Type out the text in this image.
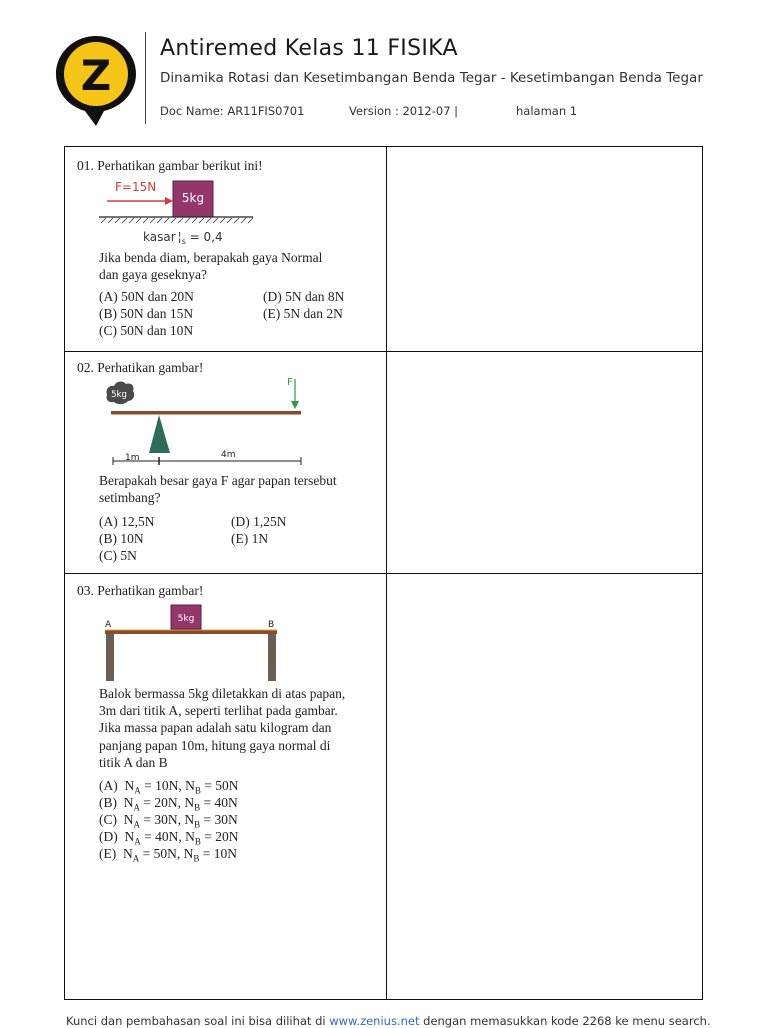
Z
Antiremed Kelas 11 FISIKA
Dinamika Rotasi dan Kesetimbangan Benda Tegar - Kesetimbangan Benda Tegar
Doc Name: AR11FIS0701	Version : 2012-07 |	halaman 1
01. Perhatikan gambar berikut ini!
F=15N
5kg
kasar $¦_s = 0,4$
Jika benda diam, berapakah gaya Normal
dan gaya geseknya?
(A) 50N dan 20N
(B) 50N dan 15N
(C) 50N dan 10N
(D) 5N dan 8N
(E) 5N dan 2N
02. Perhatikan gambar!
5kg
F
1m	4m
Berapakah besar gaya F agar papan tersebut
setimbang?
(A) 12,5N
(B) 10N
(C) 5N
(D) 1,25N
(E) 1N
03. Perhatikan gambar!
5kg
A	B
Balok bermassa 5kg diletakkan di atas papan,
3m dari titik A, seperti terlihat pada gambar.
Jika massa papan adalah satu kilogram dan
panjang papan 10m, hitung gaya normal di
titik A dan B
(A) $N_A = 10N$, $N_B = 50N$
(B) $N_A = 20N$, $N_B = 40N$
(C) $N_A = 30N$, $N_B = 30N$
(D) $N_A = 40N$, $N_B = 20N$
(E) $N_A = 50N$, $N_B = 10N$
Kunci dan pembahasan soal ini bisa dilihat di www.zenius.net dengan memasukkan kode 2268 ke menu search.
